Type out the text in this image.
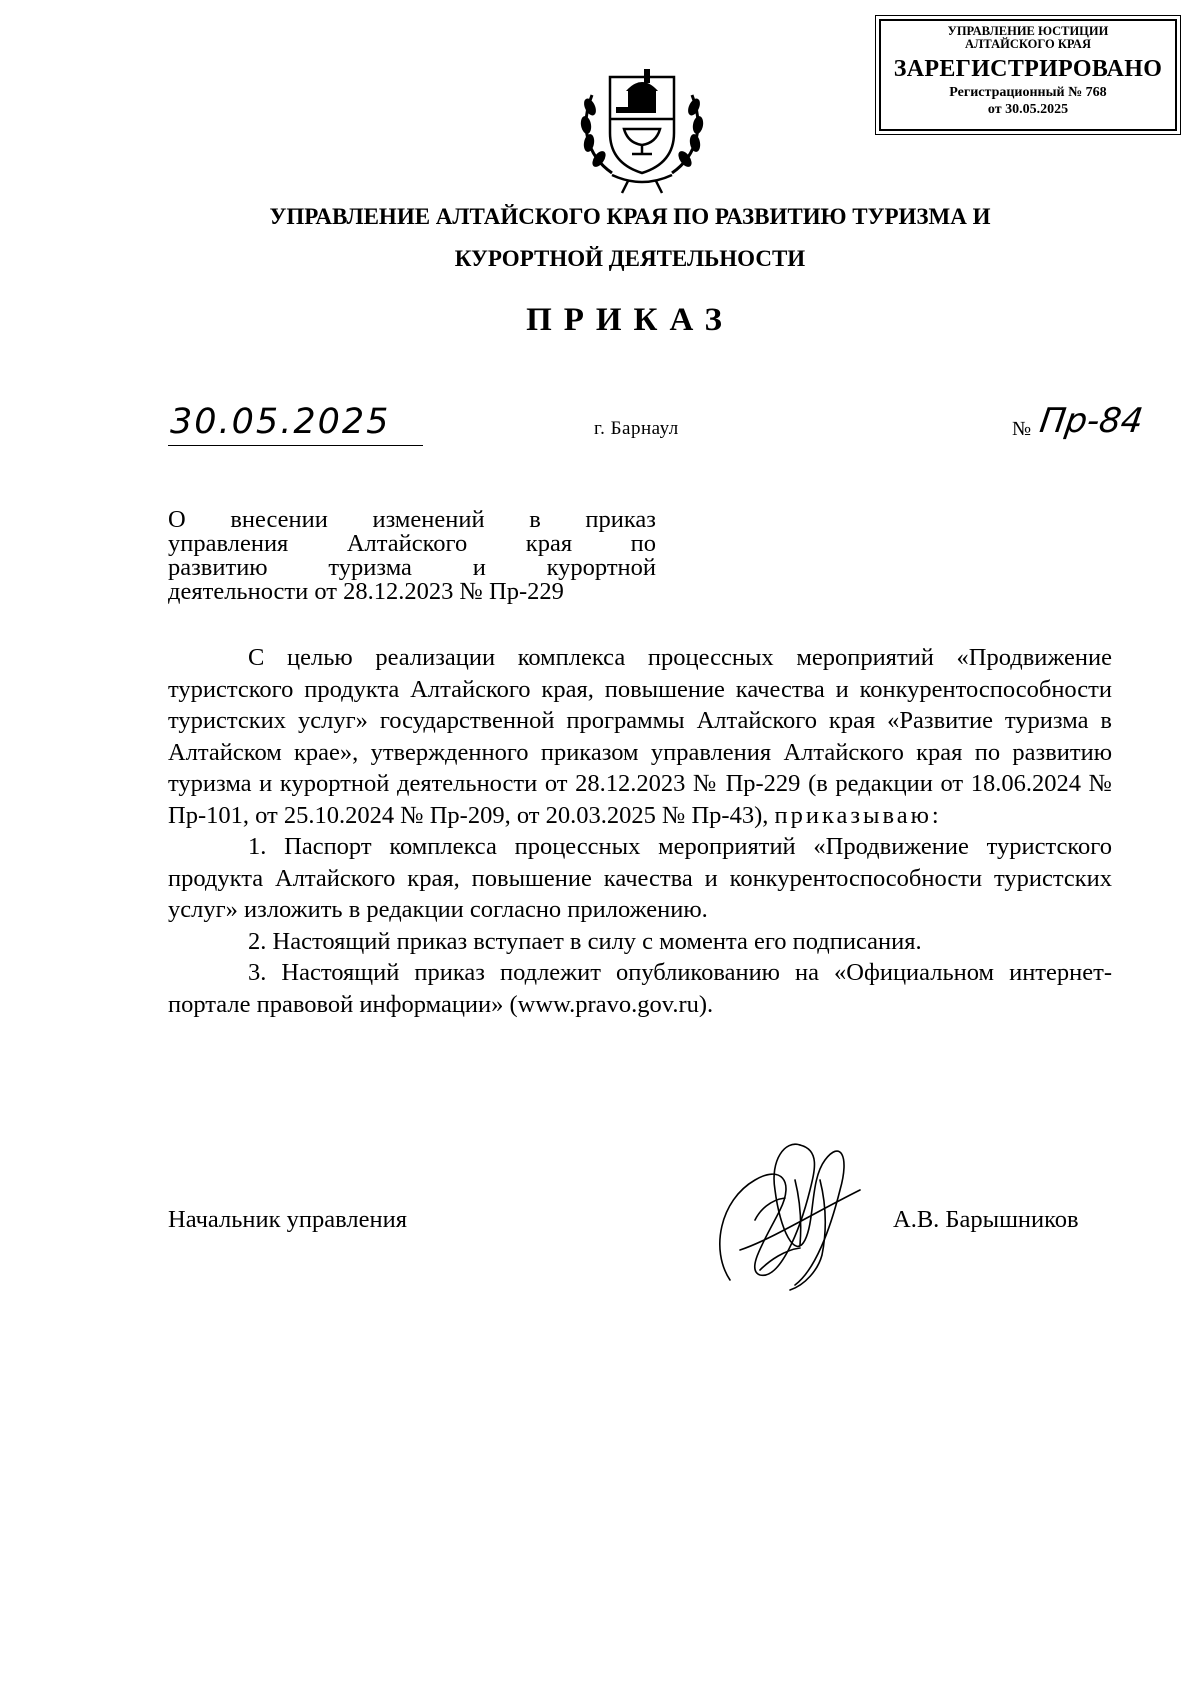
УПРАВЛЕНИЕ ЮСТИЦИИ
АЛТАЙСКОГО КРАЯ
ЗАРЕГИСТРИРОВАНО
Регистрационный № 768
от 30.05.2025
УПРАВЛЕНИЕ АЛТАЙСКОГО КРАЯ ПО РАЗВИТИЮ ТУРИЗМА И
КУРОРТНОЙ ДЕЯТЕЛЬНОСТИ
ПРИКАЗ
30.05.2025	г. Барнаул	№ Пр-84
О внесении изменений в приказ
управления Алтайского края по
развитию туризма и курортной
деятельности от 28.12.2023 № Пр-229

С целью реализации комплекса процессных мероприятий «Продвижение туристского продукта Алтайского края, повышение качества и конкурентоспособности туристских услуг» государственной программы Алтайского края «Развитие туризма в Алтайском крае», утвержденного приказом управления Алтайского края по развитию туризма и курортной деятельности от 28.12.2023 № Пр-229 (в редакции от 18.06.2024 № Пр-101, от 25.10.2024 № Пр-209, от 20.03.2025 № Пр-43), приказываю:

1. Паспорт комплекса процессных мероприятий «Продвижение туристского продукта Алтайского края, повышение качества и конкурентоспособности туристских услуг» изложить в редакции согласно приложению.

2. Настоящий приказ вступает в силу с момента его подписания.

3. Настоящий приказ подлежит опубликованию на «Официальном интернет-портале правовой информации» (www.pravo.gov.ru).

Начальник управления	А.В. Барышников
